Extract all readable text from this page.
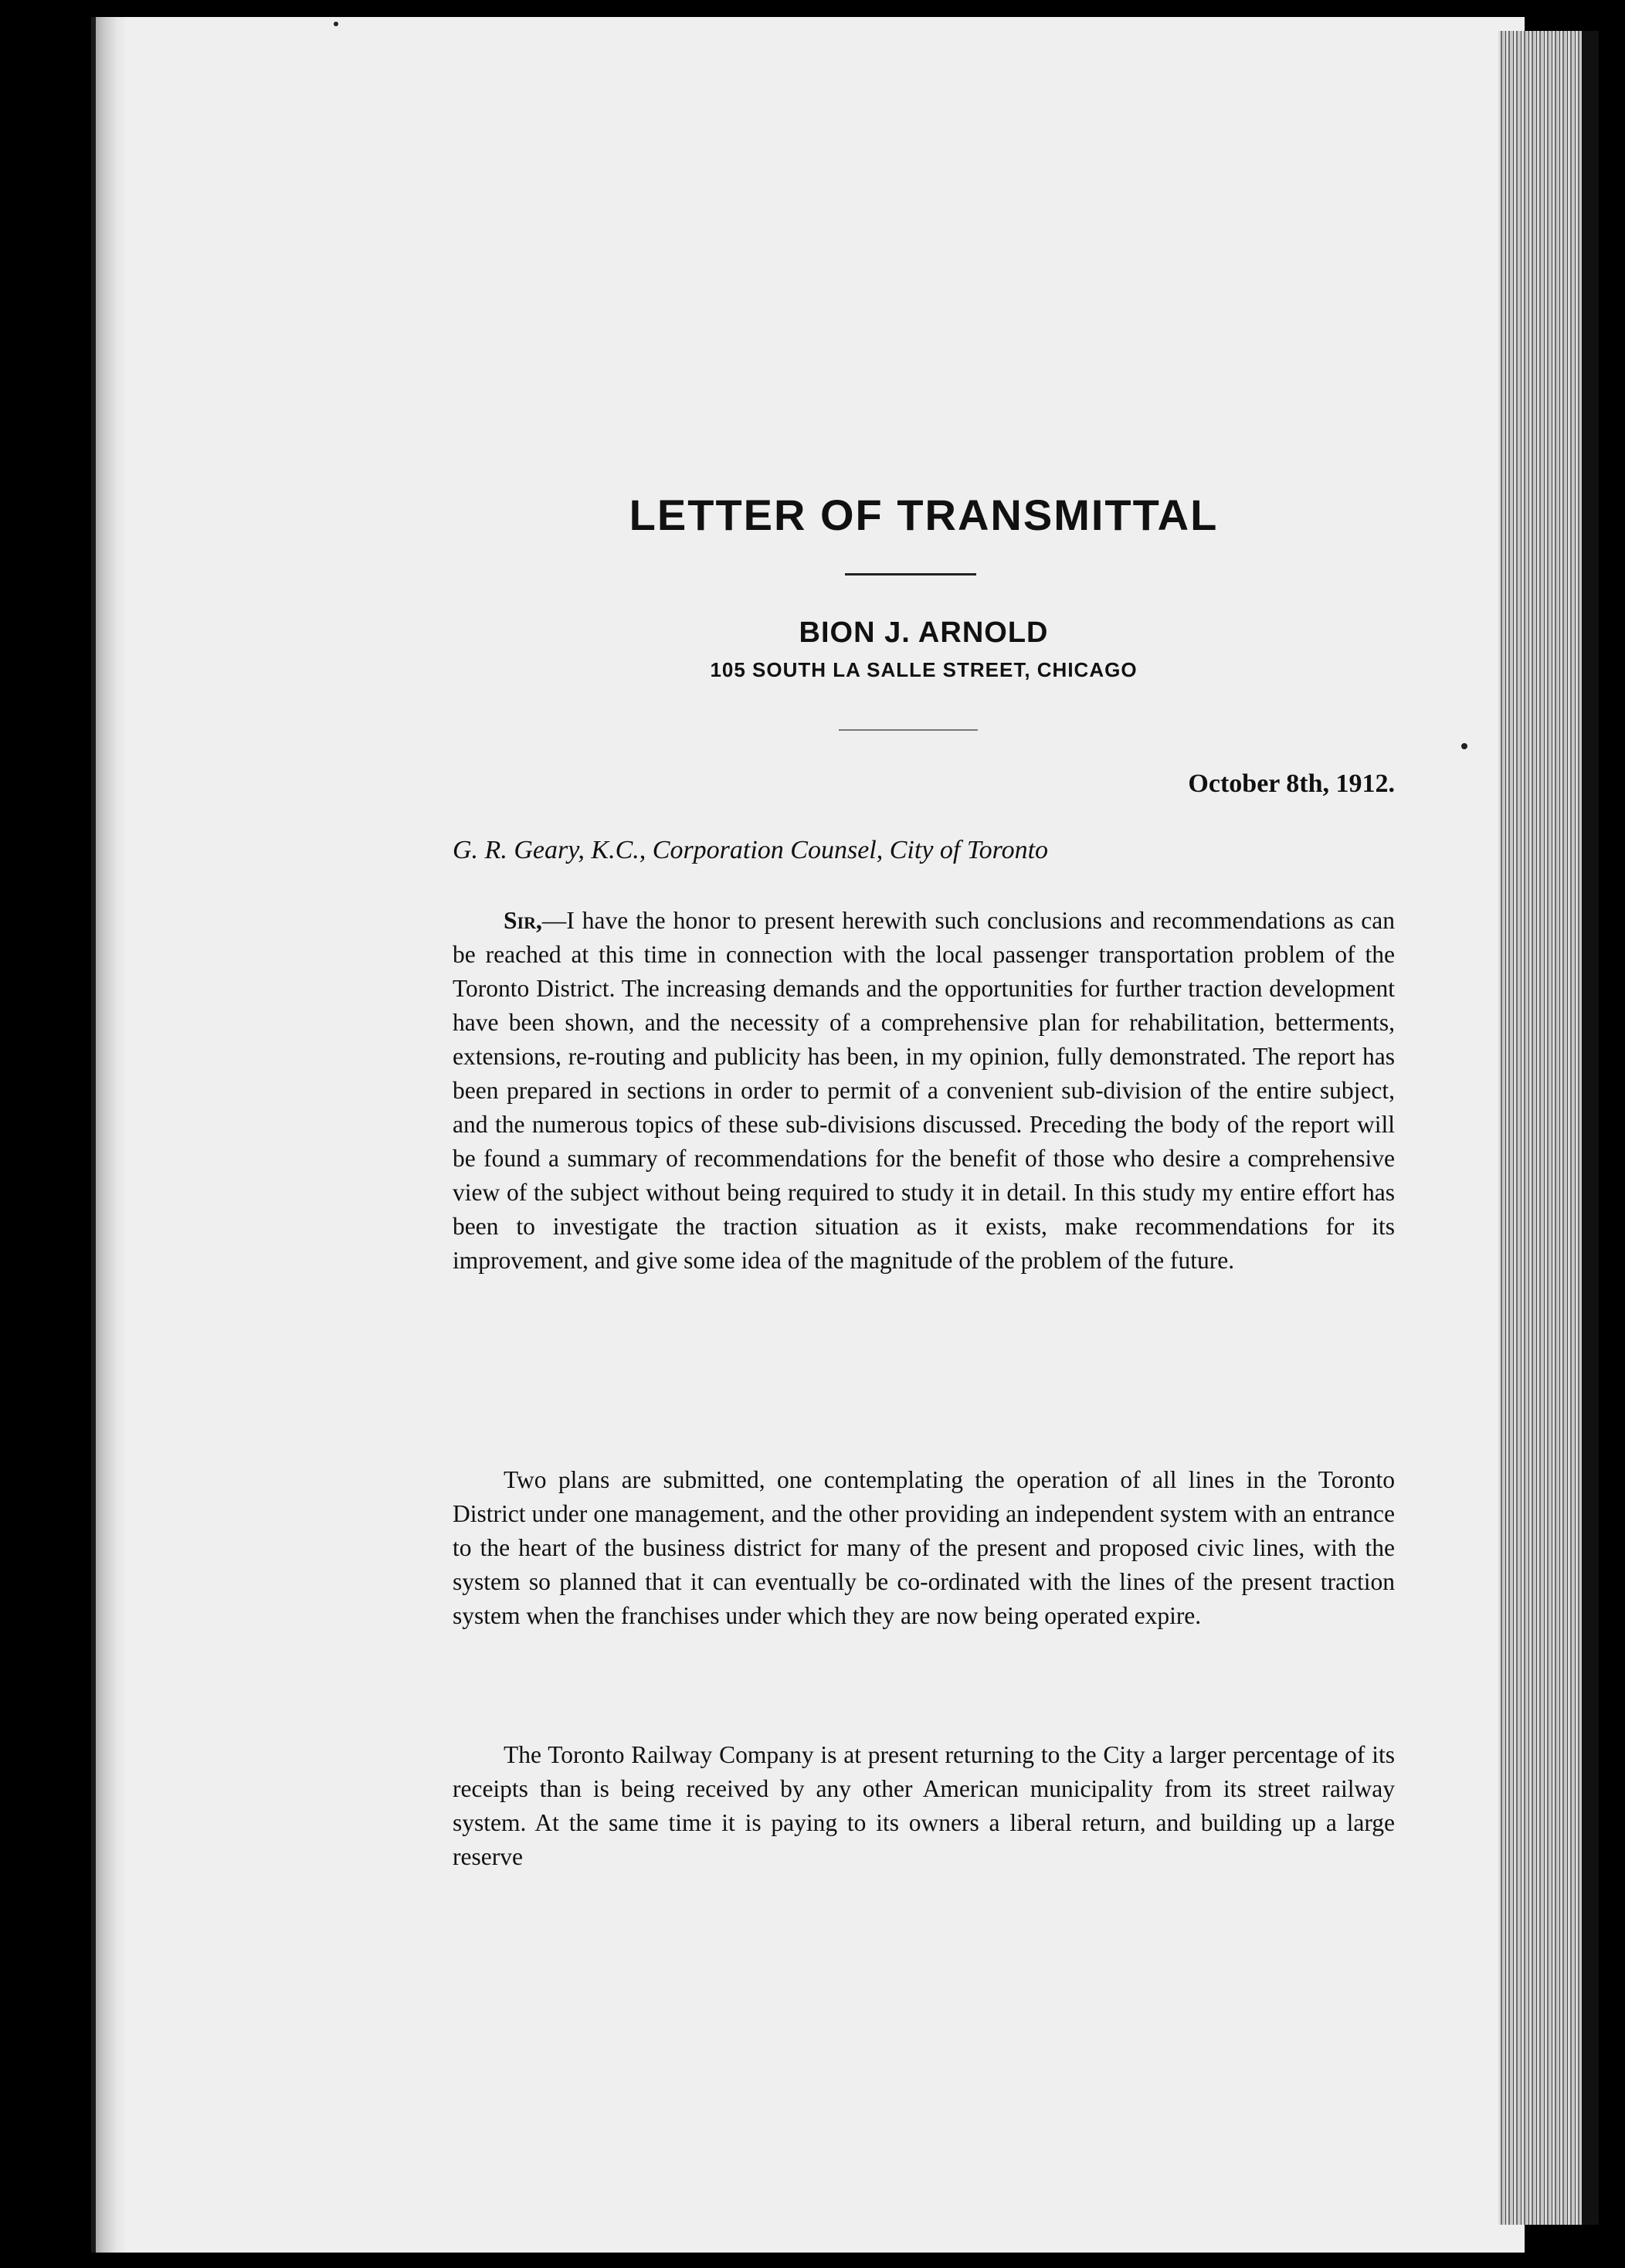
LETTER OF TRANSMITTAL
BION J. ARNOLD
105 SOUTH LA SALLE STREET, CHICAGO
October 8th, 1912.
G. R. Geary, K.C., Corporation Counsel, City of Toronto

Sir,—I have the honor to present herewith such conclusions and recommendations as can be reached at this time in connection with the local passenger transportation problem of the Toronto District. The increasing demands and the opportunities for further traction development have been shown, and the necessity of a comprehensive plan for rehabilitation, betterments, extensions, re-routing and publicity has been, in my opinion, fully demonstrated. The report has been prepared in sections in order to permit of a convenient sub-division of the entire subject, and the numerous topics of these sub-divisions discussed. Preceding the body of the report will be found a summary of recommendations for the benefit of those who desire a comprehensive view of the subject without being required to study it in detail. In this study my entire effort has been to investigate the traction situation as it exists, make recommendations for its improvement, and give some idea of the magnitude of the problem of the future.

Two plans are submitted, one contemplating the operation of all lines in the Toronto District under one management, and the other providing an independent system with an entrance to the heart of the business district for many of the present and proposed civic lines, with the system so planned that it can eventually be co-ordinated with the lines of the present traction system when the franchises under which they are now being operated expire.

The Toronto Railway Company is at present returning to the City a larger percentage of its receipts than is being received by any other American municipality from its street railway system. At the same time it is paying to its owners a liberal return, and building up a large reserve
